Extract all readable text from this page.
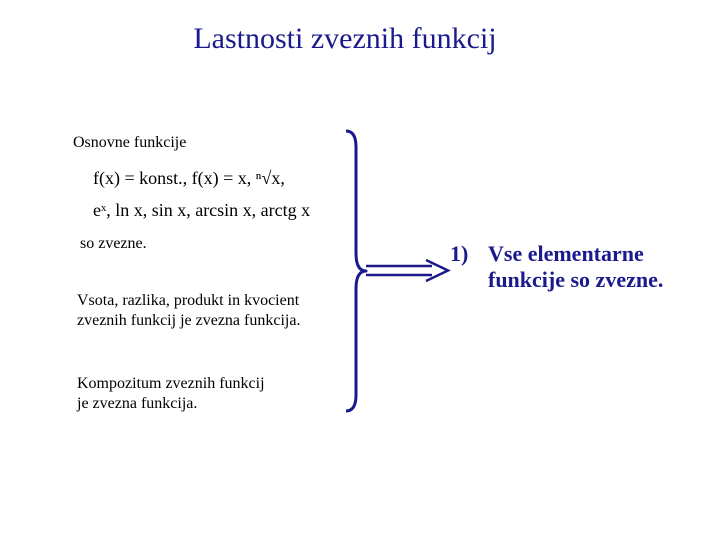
Lastnosti zveznih funkcij
Osnovne funkcije
f(x) = konst., f(x) = x, ⁿ√x,
eˣ, ln x, sin x, arcsin x, arctg x
so zvezne.
Vsota, razlika, produkt in kvocient
zveznih funkcij je zvezna funkcija.
Kompozitum zveznih funkcij
je zvezna funkcija.
1) Vse elementarne
funkcije so zvezne.
